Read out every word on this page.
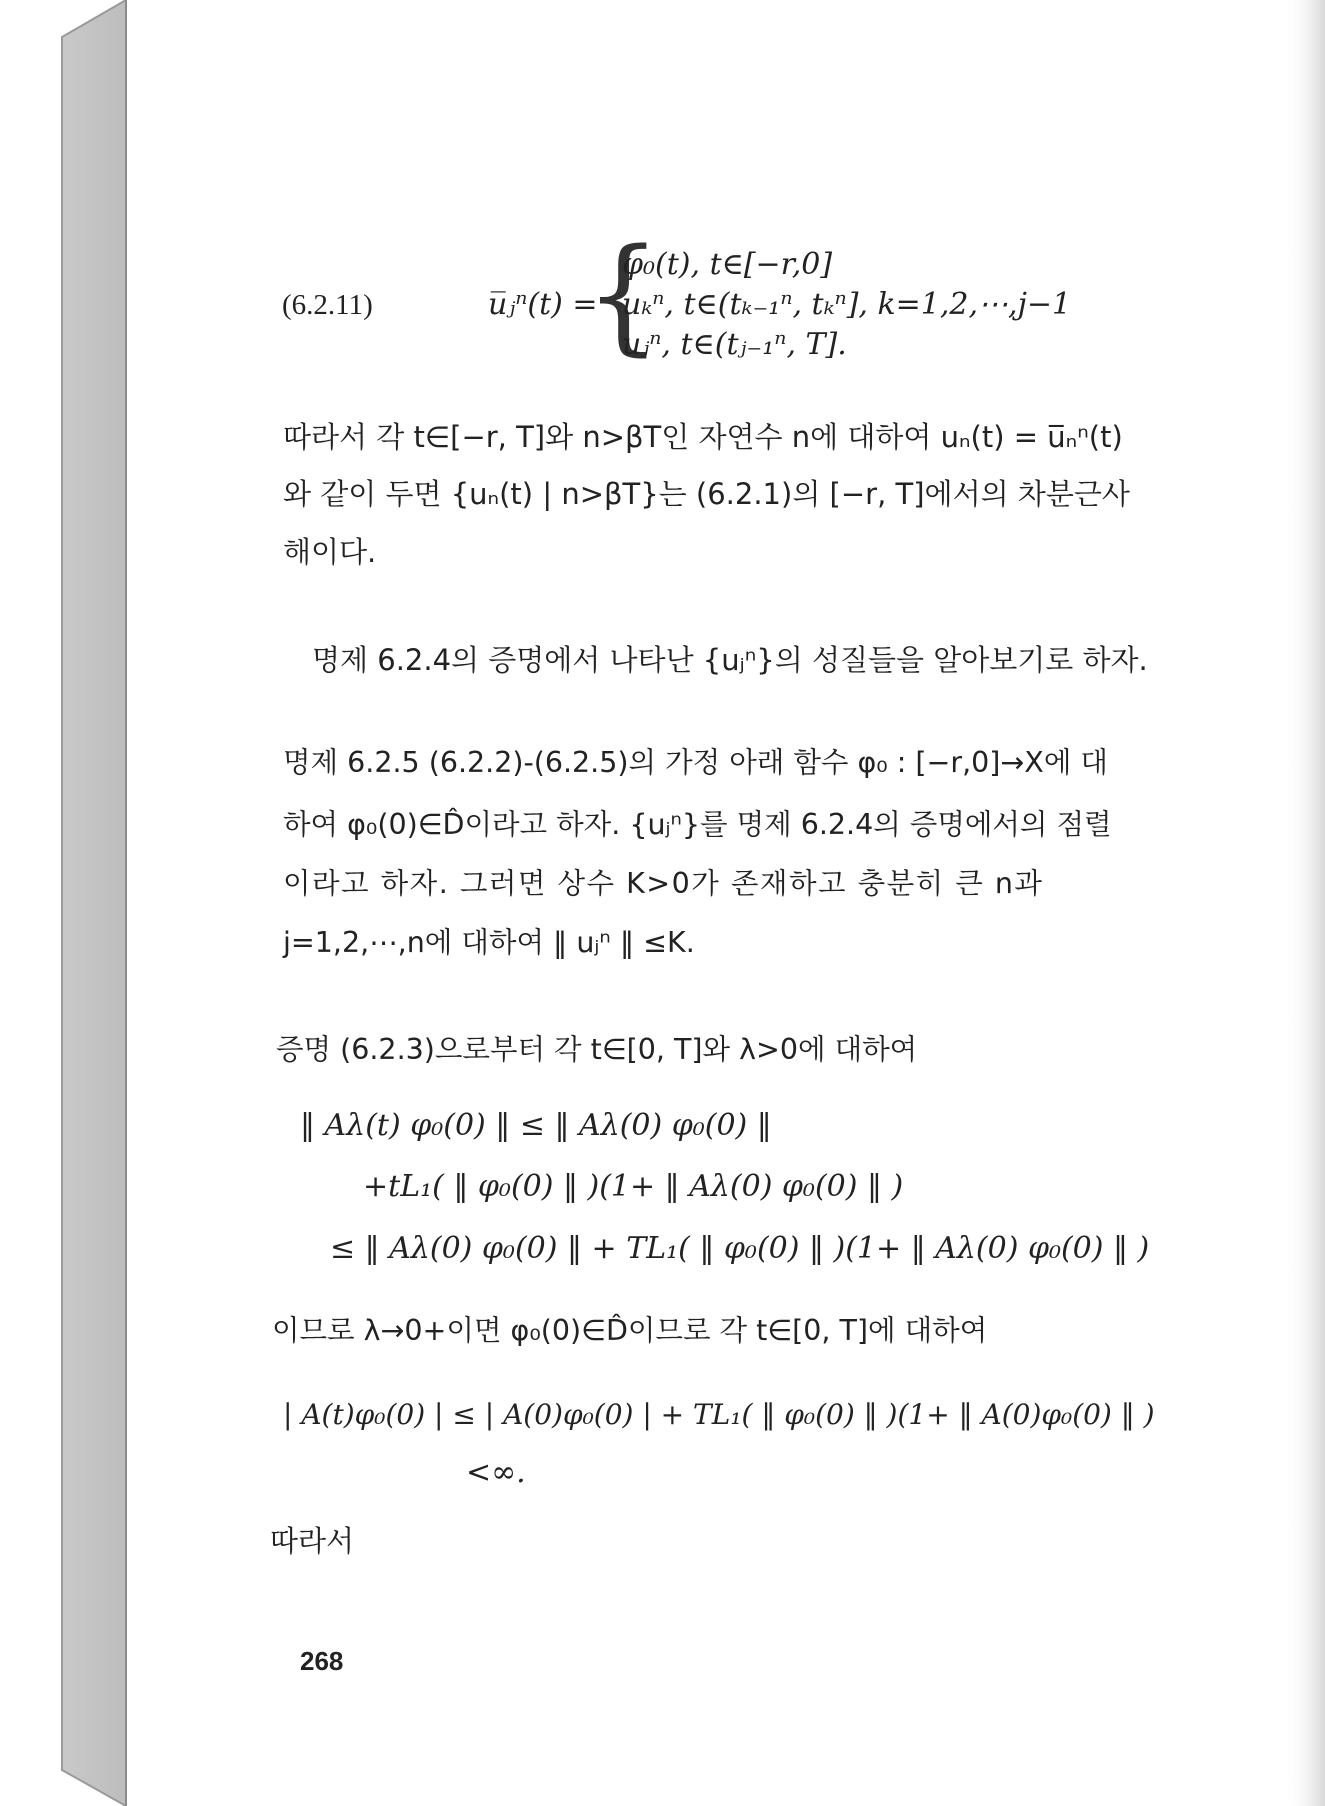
(6.2.11)	u̅ⱼⁿ(t) =
{
φ₀(t), t∈[−r,0]
uₖⁿ, t∈(tₖ₋₁ⁿ, tₖⁿ], k=1,2,⋯,j−1
uⱼⁿ, t∈(tⱼ₋₁ⁿ, T].
따라서 각 t∈[−r, T]와 n>βT인 자연수 n에 대하여 uₙ(t) = u̅ₙⁿ(t)
와 같이 두면 {uₙ(t) | n>βT}는 (6.2.1)의 [−r, T]에서의 차분근사
해이다.
명제 6.2.4의 증명에서 나타난 {uⱼⁿ}의 성질들을 알아보기로 하자.
명제 6.2.5 (6.2.2)-(6.2.5)의 가정 아래 함수 φ₀ : [−r,0]→X에 대
하여 φ₀(0)∈D̂이라고 하자. {uⱼⁿ}를 명제 6.2.4의 증명에서의 점렬
이라고 하자. 그러면 상수 K>0가 존재하고 충분히 큰 n과
j=1,2,⋯,n에 대하여 ‖ uⱼⁿ ‖ ≤K.
증명 (6.2.3)으로부터 각 t∈[0, T]와 λ>0에 대하여
‖ Aλ(t) φ₀(0) ‖ ≤ ‖ Aλ(0) φ₀(0) ‖
+tL₁( ‖ φ₀(0) ‖ )(1+ ‖ Aλ(0) φ₀(0) ‖ )
≤ ‖ Aλ(0) φ₀(0) ‖ + TL₁( ‖ φ₀(0) ‖ )(1+ ‖ Aλ(0) φ₀(0) ‖ )
이므로 λ→0+이면 φ₀(0)∈D̂이므로 각 t∈[0, T]에 대하여
| A(t)φ₀(0) | ≤ | A(0)φ₀(0) | + TL₁( ‖ φ₀(0) ‖ )(1+ ‖ A(0)φ₀(0) ‖ )
<∞.
따라서
268
